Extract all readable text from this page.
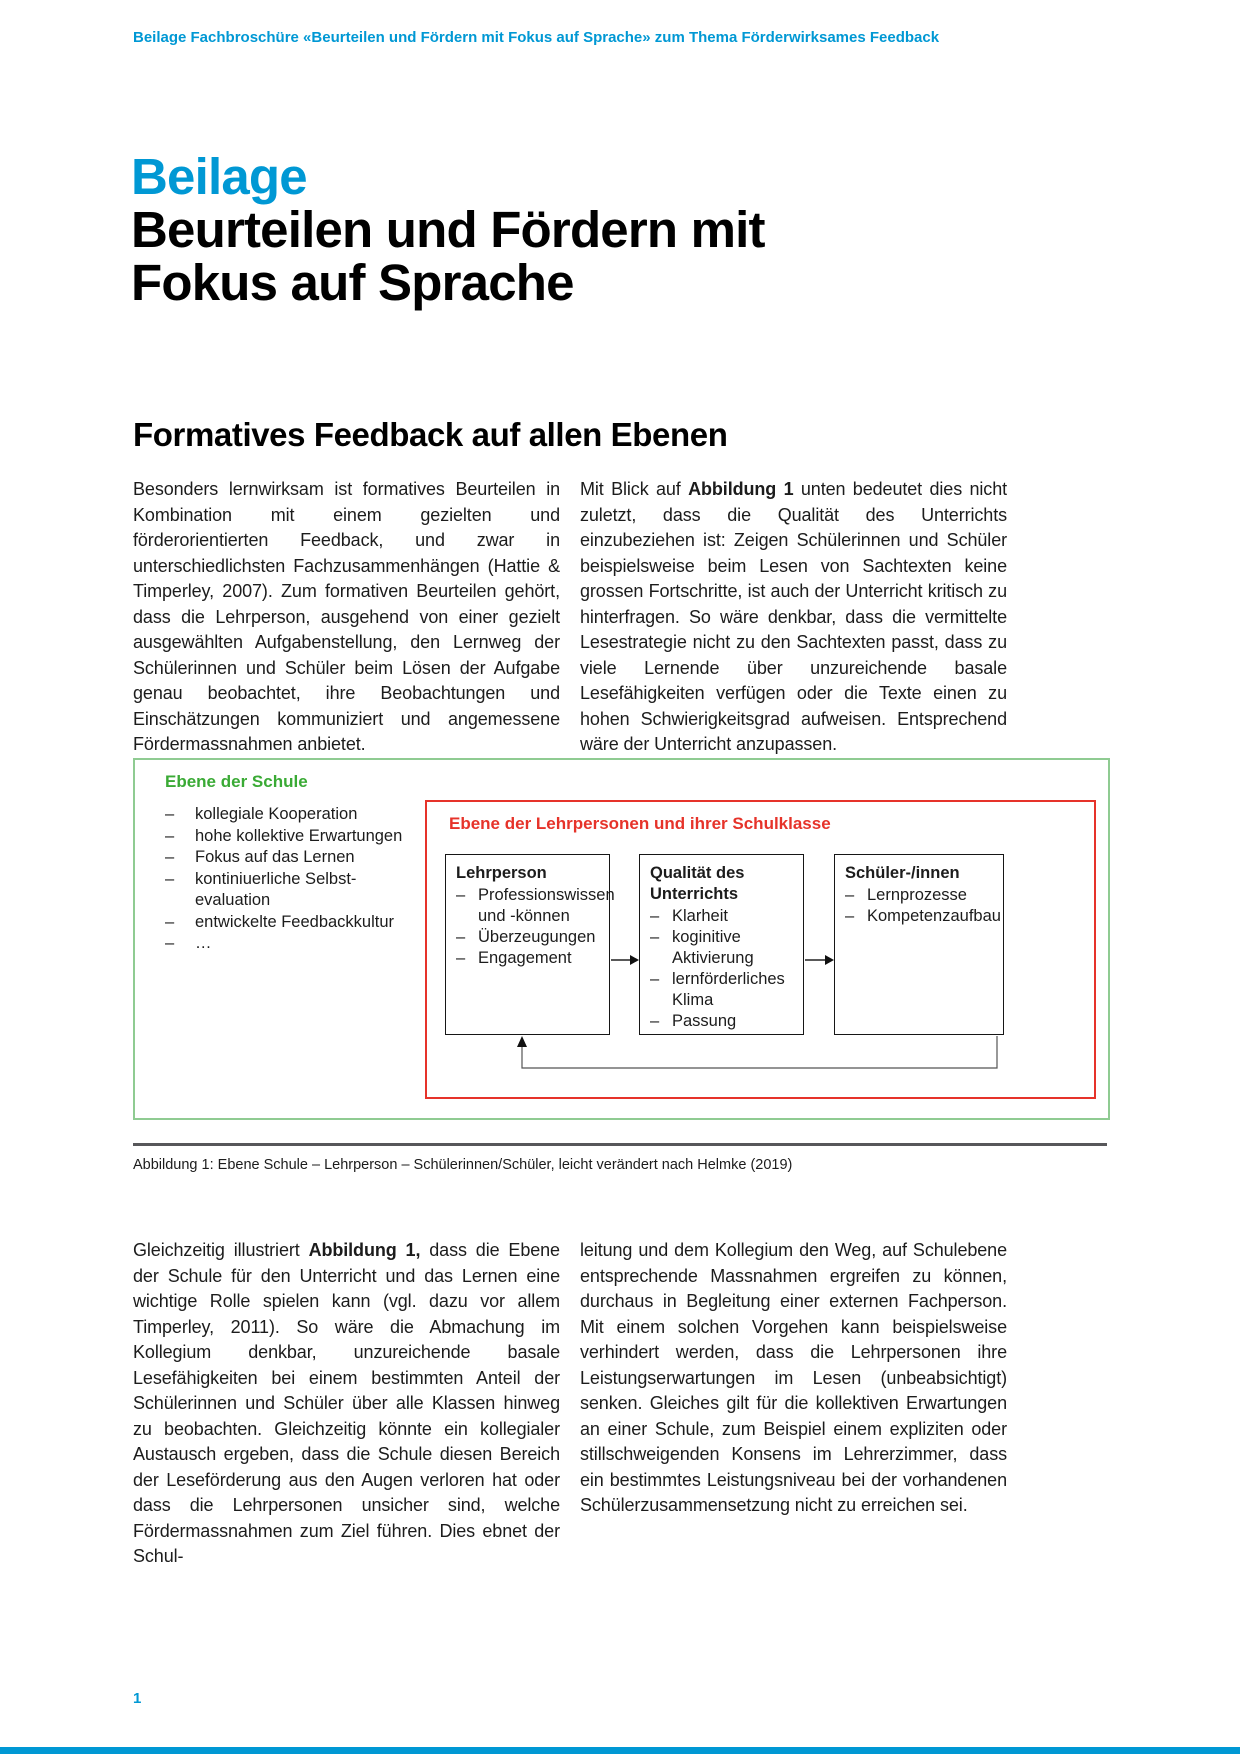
Beilage Fachbroschüre «Beurteilen und Fördern mit Fokus auf Sprache» zum Thema Förderwirksames Feedback
Beilage
Beurteilen und Fördern mit Fokus auf Sprache
Formatives Feedback auf allen Ebenen
Besonders lernwirksam ist formatives Beurteilen in Kombination mit einem gezielten und förderorientierten Feedback, und zwar in unterschiedlichsten Fachzusammenhängen (Hattie & Timperley, 2007). Zum formativen Beurteilen gehört, dass die Lehrperson, ausgehend von einer gezielt ausgewählten Aufgabenstellung, den Lernweg der Schülerinnen und Schüler beim Lösen der Aufgabe genau beobachtet, ihre Beobachtungen und Einschätzungen kommuniziert und angemessene Fördermassnahmen anbietet.
Mit Blick auf Abbildung 1 unten bedeutet dies nicht zuletzt, dass die Qualität des Unterrichts einzubeziehen ist: Zeigen Schülerinnen und Schüler beispielsweise beim Lesen von Sachtexten keine grossen Fortschritte, ist auch der Unterricht kritisch zu hinterfragen. So wäre denkbar, dass die vermittelte Lesestrategie nicht zu den Sachtexten passt, dass zu viele Lernende über unzureichende basale Lesefähigkeiten verfügen oder die Texte einen zu hohen Schwierigkeitsgrad aufweisen. Entsprechend wäre der Unterricht anzupassen.
Ebene der Schule
–	kollegiale Kooperation
–	hohe kollektive Erwartungen
–	Fokus auf das Lernen
–	kontiniuerliche Selbst-evaluation
–	entwickelte Feedbackkultur
–	…
Ebene der Lehrpersonen und ihrer Schulklasse
Lehrperson
– Professionswissen und -können
– Überzeugungen
– Engagement
Qualität des Unterrichts
– Klarheit
– koginitive Aktivierung
– lernförderliches Klima
– Passung
Schüler-/innen
– Lernprozesse
– Kompetenzaufbau
Abbildung 1: Ebene Schule – Lehrperson – Schülerinnen/Schüler, leicht verändert nach Helmke (2019)
Gleichzeitig illustriert Abbildung 1, dass die Ebene der Schule für den Unterricht und das Lernen eine wichtige Rolle spielen kann (vgl. dazu vor allem Timperley, 2011). So wäre die Abmachung im Kollegium denkbar, unzureichende basale Lesefähigkeiten bei einem bestimmten Anteil der Schülerinnen und Schüler über alle Klassen hinweg zu beobachten. Gleichzeitig könnte ein kollegialer Austausch ergeben, dass die Schule diesen Bereich der Leseförderung aus den Augen verloren hat oder dass die Lehrpersonen unsicher sind, welche Fördermassnahmen zum Ziel führen. Dies ebnet der Schul-
leitung und dem Kollegium den Weg, auf Schulebene entsprechende Massnahmen ergreifen zu können, durchaus in Begleitung einer externen Fachperson. Mit einem solchen Vorgehen kann beispielsweise verhindert werden, dass die Lehrpersonen ihre Leistungserwartungen im Lesen (unbeabsichtigt) senken. Gleiches gilt für die kollektiven Erwartungen an einer Schule, zum Beispiel einem expliziten oder stillschweigenden Konsens im Lehrerzimmer, dass ein bestimmtes Leistungsniveau bei der vorhandenen Schülerzusammensetzung nicht zu erreichen sei.
1
